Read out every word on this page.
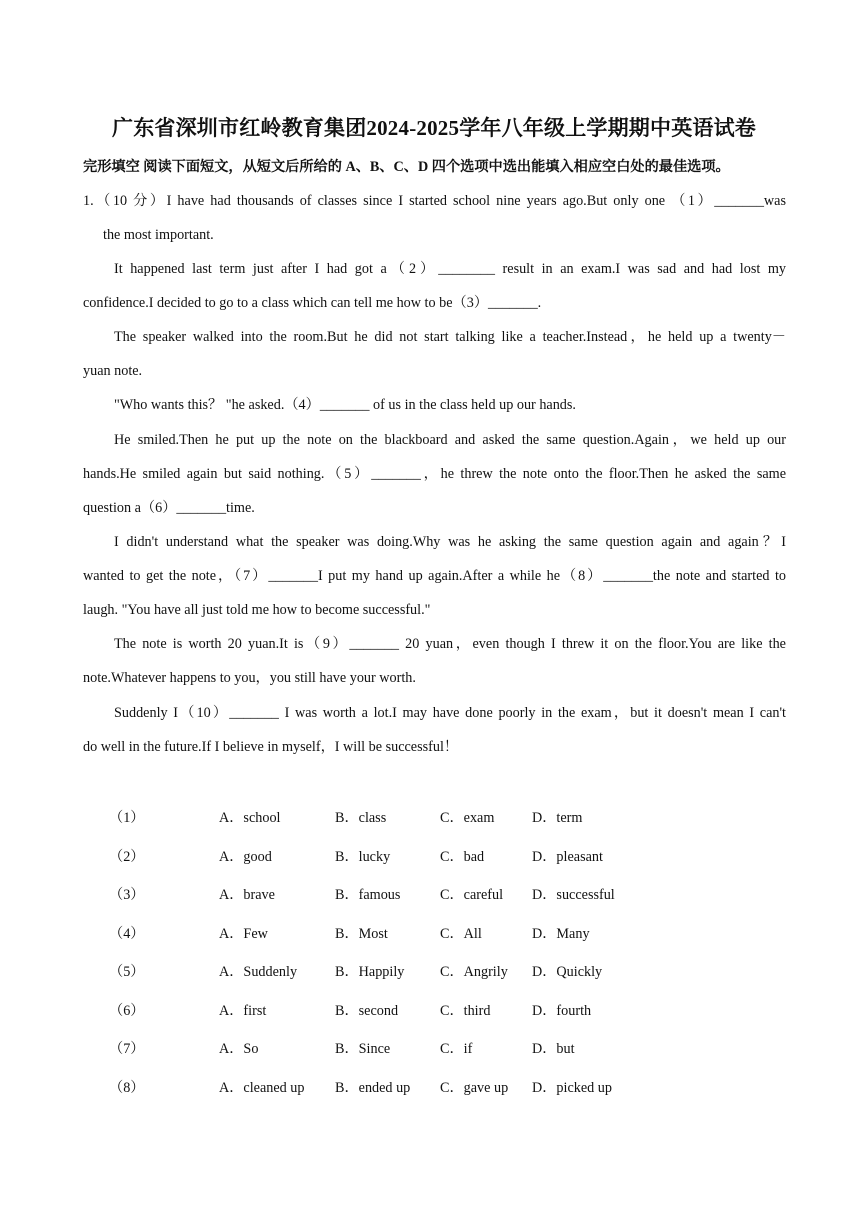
广东省深圳市红岭教育集团2024-2025学年八年级上学期期中英语试卷
完形填空 阅读下面短文，从短文后所给的 A、B、C、D 四个选项中选出能填入相应空白处的最佳选项。
1.（10 分）I have had thousands of classes since I started school nine years ago.But only one （1）_______was
the most important.
It happened last term just after I had got a（2）________ result in an exam.I was sad and had lost my
confidence.I decided to go to a class which can tell me how to be（3）_______.
The speaker walked into the room.But he did not start talking like a teacher.Instead，he held up a twenty－
yuan note.
"Who wants this？ "he asked.（4）_______ of us in the class held up our hands.
He smiled.Then he put up the note on the blackboard and asked the same question.Again，we held up our
hands.He smiled again but said nothing.（5）_______，he threw the note onto the floor.Then he asked the same
question a（6）_______time.
I didn't understand what the speaker was doing.Why was he asking the same question again and again？I
wanted to get the note，（7）_______I put my hand up again.After a while he（8）_______the note and started to
laugh. "You have all just told me how to become successful."
The note is worth 20 yuan.It is（9）_______ 20 yuan，even though I threw it on the floor.You are like the
note.Whatever happens to you，you still have your worth.
Suddenly I（10）_______ I was worth a lot.I may have done poorly in the exam，but it doesn't mean I can't
do well in the future.If I believe in myself，I will be successful！
（1）	A．school	B．class	C．exam	D．term
（2）	A．good	B．lucky	C．bad	D．pleasant
（3）	A．brave	B．famous	C．careful D．successful
（4）	A．Few	B．Most	C．All	D．Many
（5）	A．Suddenly	B．Happily	C．Angrily D．Quickly
（6）	A．first	B．second	C．third	D．fourth
（7）	A．So	B．Since	C．if	D．but
（8）	A．cleaned up B．ended up C．gave up D．picked up
